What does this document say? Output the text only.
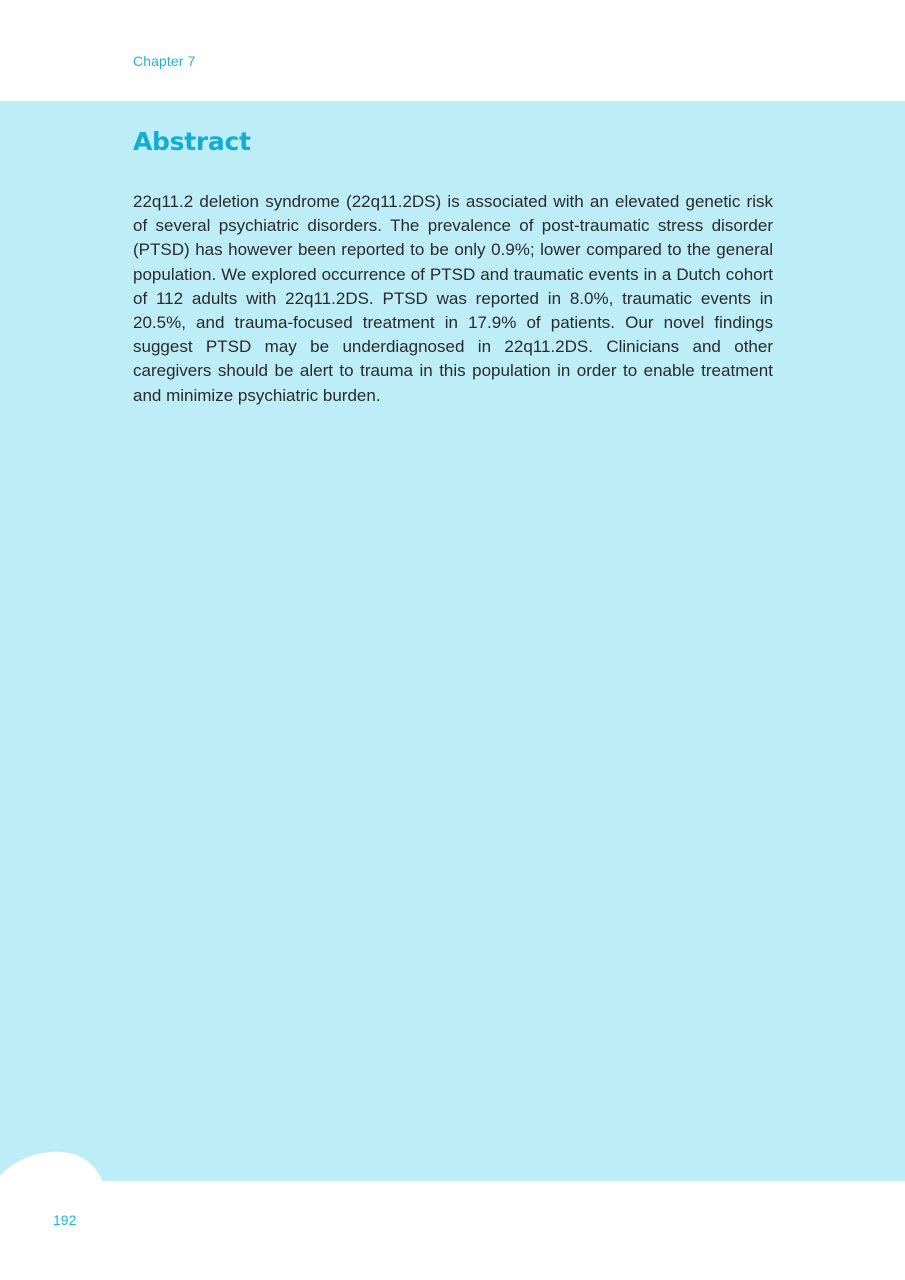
Chapter 7
Abstract

22q11.2 deletion syndrome (22q11.2DS) is associated with an elevated genetic risk of several psychiatric disorders. The prevalence of post-traumatic stress disorder (PTSD) has however been reported to be only 0.9%; lower compared to the general population. We explored occurrence of PTSD and traumatic events in a Dutch cohort of 112 adults with 22q11.2DS. PTSD was reported in 8.0%, traumatic events in 20.5%, and trauma-focused treatment in 17.9% of patients. Our novel findings suggest PTSD may be underdiagnosed in 22q11.2DS. Clinicians and other caregivers should be alert to trauma in this population in order to enable treatment and minimize psychiatric burden.

192
